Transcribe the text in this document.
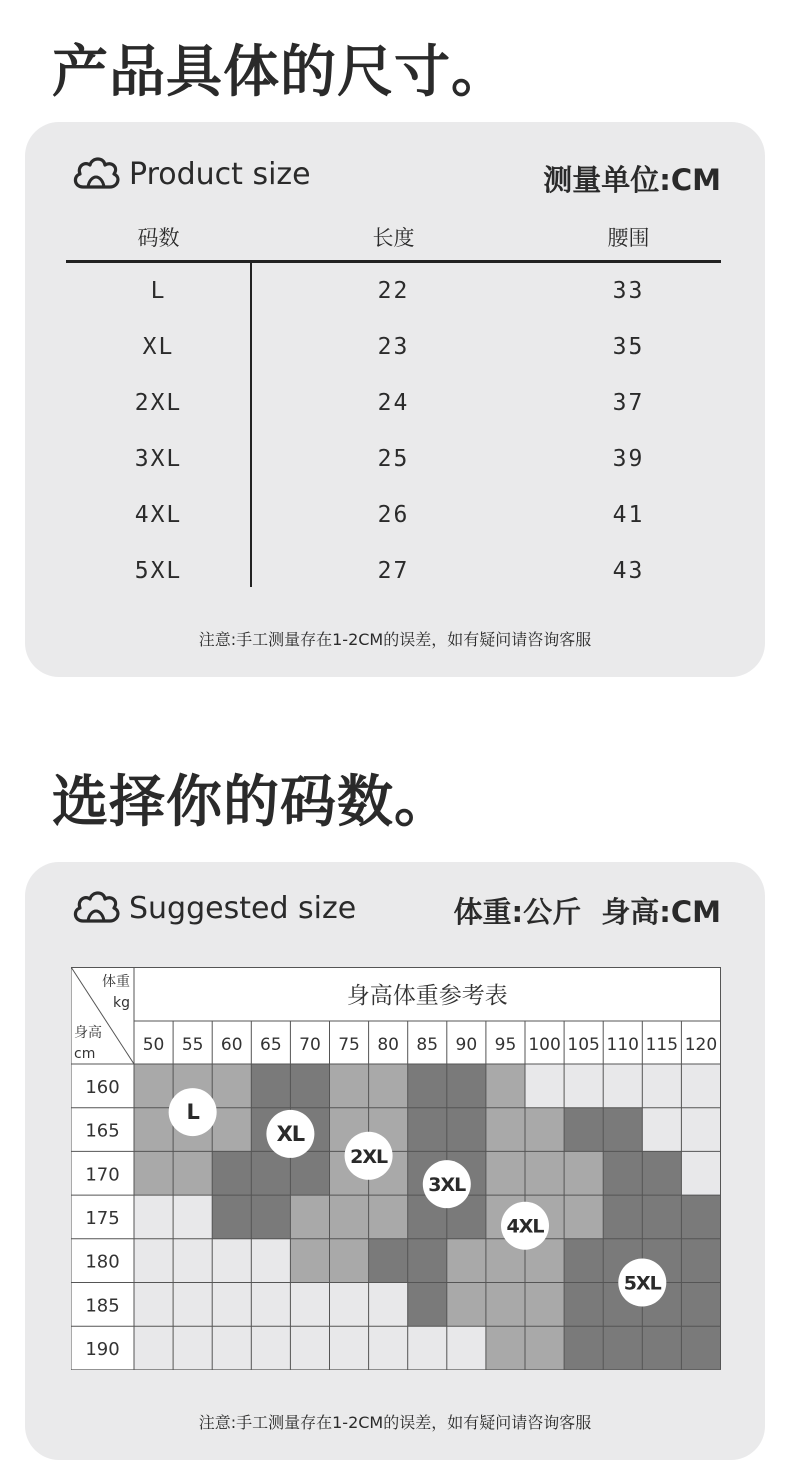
产品具体的尺寸。
Product size	测量单位:CM
码数	长度	腰围
L	22	33
XL	23	35
2XL	24	37
3XL	25	39
4XL	26	41
5XL	27	43
注意:手工测量存在1-2CM的误差，如有疑问请咨询客服
选择你的码数。
Suggested size	体重:公斤  身高:CM
身高体重参考表
50 55 60 65 70 75 80 85 90 95 100 105 110 115 120
160
165
170
175
180
185
190
体重
kg
身高
cm
L
XL
2XL
3XL
4XL
5XL
注意:手工测量存在1-2CM的误差，如有疑问请咨询客服
